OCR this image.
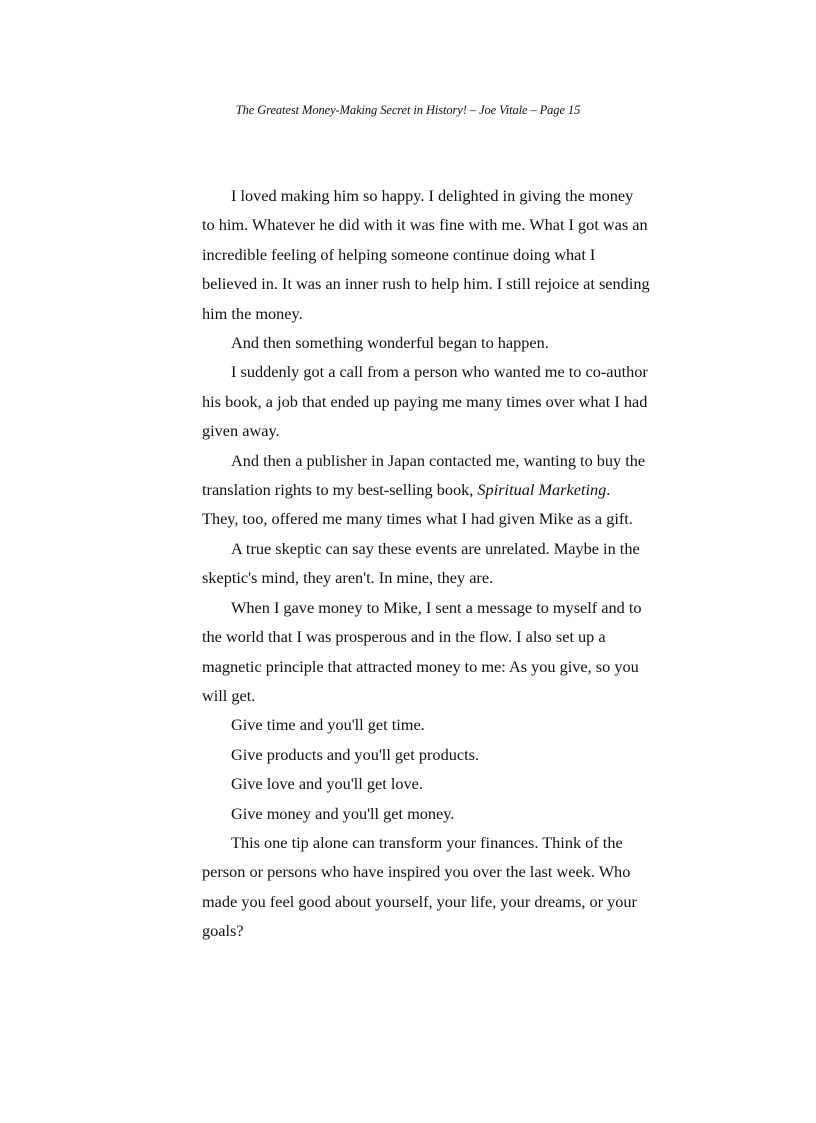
The Greatest Money-Making Secret in History! – Joe Vitale – Page 15

I loved making him so happy. I delighted in giving the money

to him. Whatever he did with it was fine with me. What I got was an

incredible feeling of helping someone continue doing what I

believed in. It was an inner rush to help him. I still rejoice at sending

him the money.

And then something wonderful began to happen.

I suddenly got a call from a person who wanted me to co-author

his book, a job that ended up paying me many times over what I had

given away.

And then a publisher in Japan contacted me, wanting to buy the

translation rights to my best-selling book, Spiritual Marketing.

They, too, offered me many times what I had given Mike as a gift.

A true skeptic can say these events are unrelated. Maybe in the

skeptic's mind, they aren't. In mine, they are.

When I gave money to Mike, I sent a message to myself and to

the world that I was prosperous and in the flow. I also set up a

magnetic principle that attracted money to me: As you give, so you

will get.

Give time and you'll get time.

Give products and you'll get products.

Give love and you'll get love.

Give money and you'll get money.

This one tip alone can transform your finances. Think of the

person or persons who have inspired you over the last week. Who

made you feel good about yourself, your life, your dreams, or your

goals?
